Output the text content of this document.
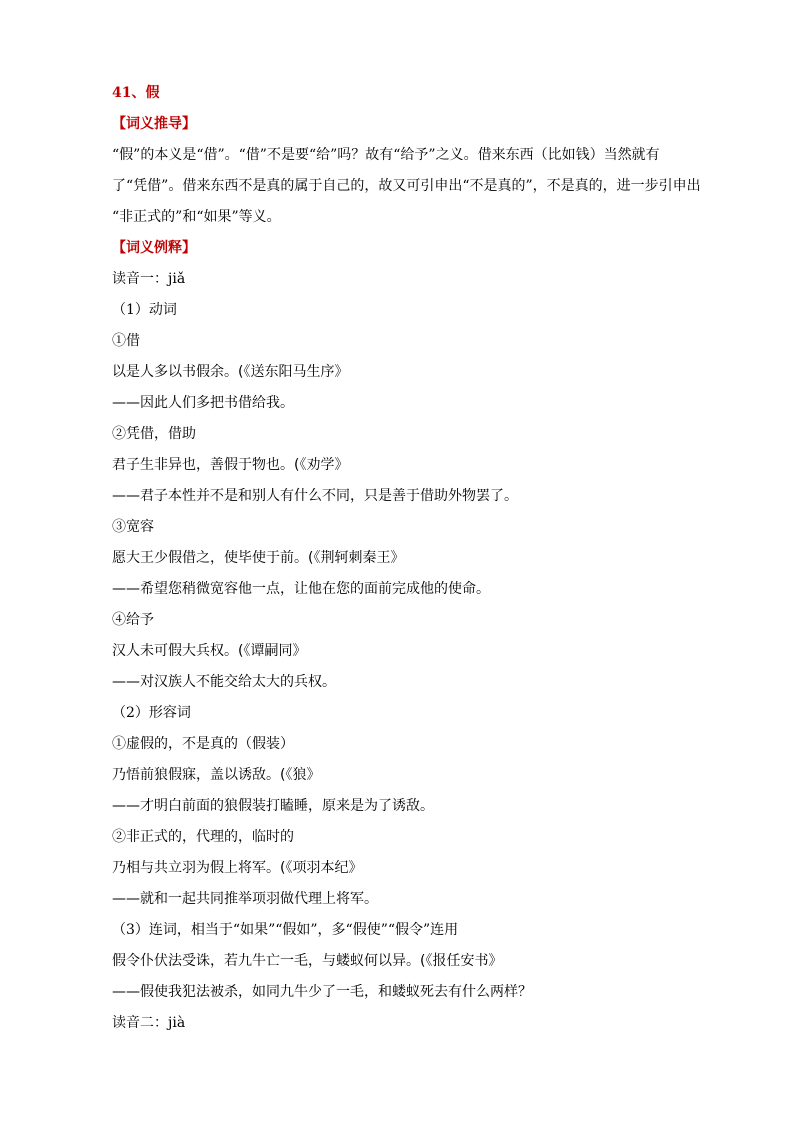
41、假
【词义推导】
“假”的本义是“借”。“借”不是要“给”吗？故有“给予”之义。借来东西（比如钱）当然就有
了“凭借”。借来东西不是真的属于自己的，故又可引申出“不是真的”，不是真的，进一步引申出
“非正式的”和“如果”等义。
【词义例释】
读音一：jiǎ
（1）动词
①借
以是人多以书假余。(《送东阳马生序》
——因此人们多把书借给我。
②凭借，借助
君子生非异也，善假于物也。(《劝学》
——君子本性并不是和别人有什么不同，只是善于借助外物罢了。
③宽容
愿大王少假借之，使毕使于前。(《荆轲刺秦王》
——希望您稍微宽容他一点，让他在您的面前完成他的使命。
④给予
汉人未可假大兵权。(《谭嗣同》
——对汉族人不能交给太大的兵权。
（2）形容词
①虚假的，不是真的（假装）
乃悟前狼假寐，盖以诱敌。(《狼》
——才明白前面的狼假装打瞌睡，原来是为了诱敌。
②非正式的，代理的，临时的
乃相与共立羽为假上将军。(《项羽本纪》
——就和一起共同推举项羽做代理上将军。
（3）连词，相当于“如果”“假如”，多“假使”“假令”连用
假令仆伏法受诛，若九牛亡一毛，与蝼蚁何以异。(《报任安书》
——假使我犯法被杀，如同九牛少了一毛，和蝼蚁死去有什么两样？
读音二：jià
